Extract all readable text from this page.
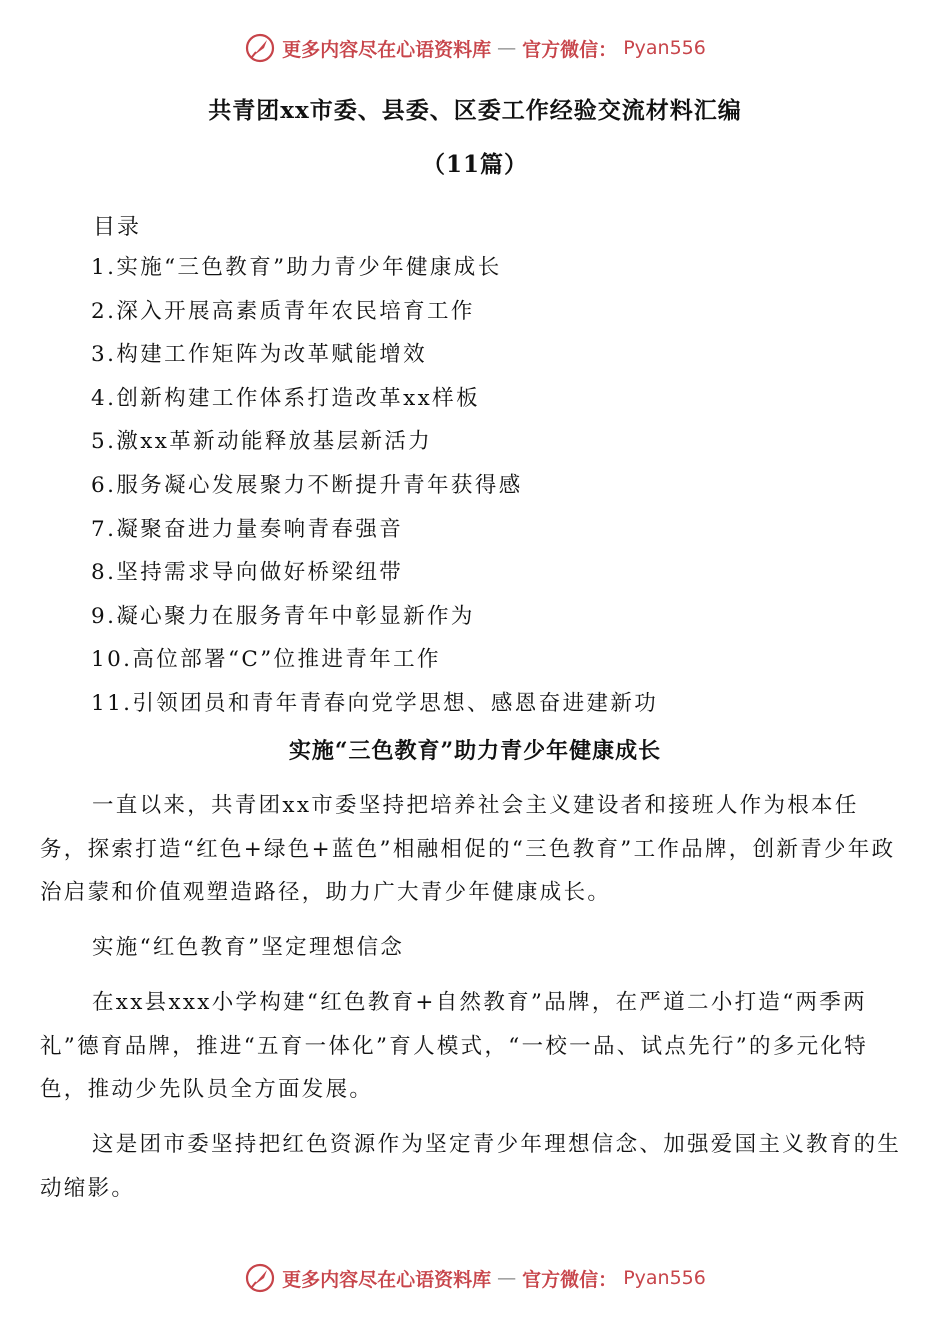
更多内容尽在心语资料库 — 官方微信： Pyan556
共青团xx市委、县委、区委工作经验交流材料汇编
（11篇）
目录
1.实施“三色教育”助力青少年健康成长
2.深入开展高素质青年农民培育工作
3.构建工作矩阵为改革赋能增效
4.创新构建工作体系打造改革xx样板
5.激xx革新动能释放基层新活力
6.服务凝心发展聚力不断提升青年获得感
7.凝聚奋进力量奏响青春强音
8.坚持需求导向做好桥梁纽带
9.凝心聚力在服务青年中彰显新作为
10.高位部署“C”位推进青年工作
11.引领团员和青年青春向党学思想、感恩奋进建新功
实施“三色教育”助力青少年健康成长

一直以来，共青团xx市委坚持把培养社会主义建设者和接班人作为根本任务，探索打造“红色+绿色+蓝色”相融相促的“三色教育”工作品牌，创新青少年政治启蒙和价值观塑造路径，助力广大青少年健康成长。

实施“红色教育”坚定理想信念

在xx县xxx小学构建“红色教育+自然教育”品牌，在严道二小打造“两季两礼”德育品牌，推进“五育一体化”育人模式，“一校一品、试点先行”的多元化特色，推动少先队员全方面发展。

这是团市委坚持把红色资源作为坚定青少年理想信念、加强爱国主义教育的生动缩影。

更多内容尽在心语资料库 — 官方微信： Pyan556
